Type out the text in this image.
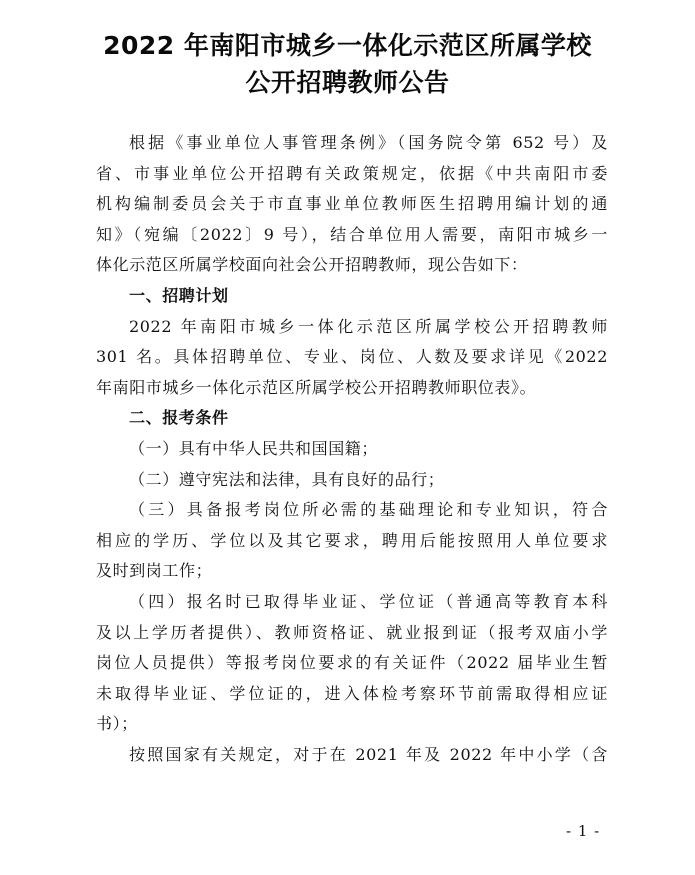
2022 年南阳市城乡一体化示范区所属学校
公开招聘教师公告
根据《事业单位人事管理条例》（国务院令第 652 号）及
省、市事业单位公开招聘有关政策规定，依据《中共南阳市委
机构编制委员会关于市直事业单位教师医生招聘用编计划的通
知》（宛编〔2022〕9 号），结合单位用人需要，南阳市城乡一
体化示范区所属学校面向社会公开招聘教师，现公告如下：
一、招聘计划
2022 年南阳市城乡一体化示范区所属学校公开招聘教师
301 名。具体招聘单位、专业、岗位、人数及要求详见《2022
年南阳市城乡一体化示范区所属学校公开招聘教师职位表》。
二、报考条件
（一）具有中华人民共和国国籍；
（二）遵守宪法和法律，具有良好的品行；
（三）具备报考岗位所必需的基础理论和专业知识，符合
相应的学历、学位以及其它要求，聘用后能按照用人单位要求
及时到岗工作；
（四）报名时已取得毕业证、学位证（普通高等教育本科
及以上学历者提供）、教师资格证、就业报到证（报考双庙小学
岗位人员提供）等报考岗位要求的有关证件（2022 届毕业生暂
未取得毕业证、学位证的，进入体检考察环节前需取得相应证
书）；
按照国家有关规定，对于在 2021 年及 2022 年中小学（含
- 1 -
